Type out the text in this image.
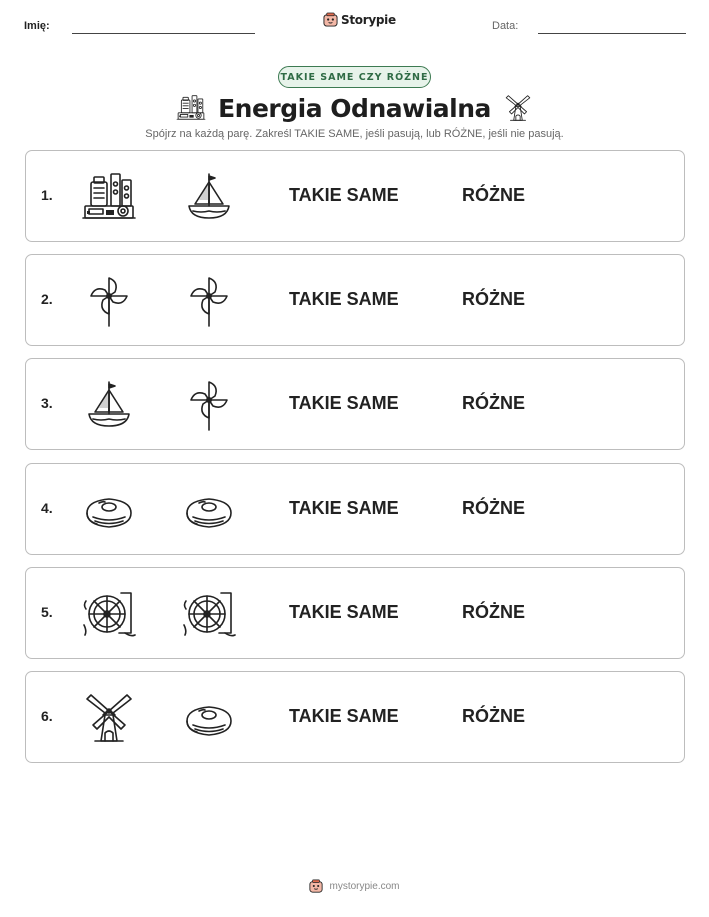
Imię:	Storypie	Data:
TAKIE SAME CZY RÓŻNE
Energia Odnawialna
Spójrz na każdą parę. Zakreśl TAKIE SAME, jeśli pasują, lub RÓŻNE, jeśli nie pasują.
1.	TAKIE SAME	RÓŻNE
2.	TAKIE SAME	RÓŻNE
3.	TAKIE SAME	RÓŻNE
4.	TAKIE SAME	RÓŻNE
5.	TAKIE SAME	RÓŻNE
6.	TAKIE SAME	RÓŻNE
mystorypie.com
